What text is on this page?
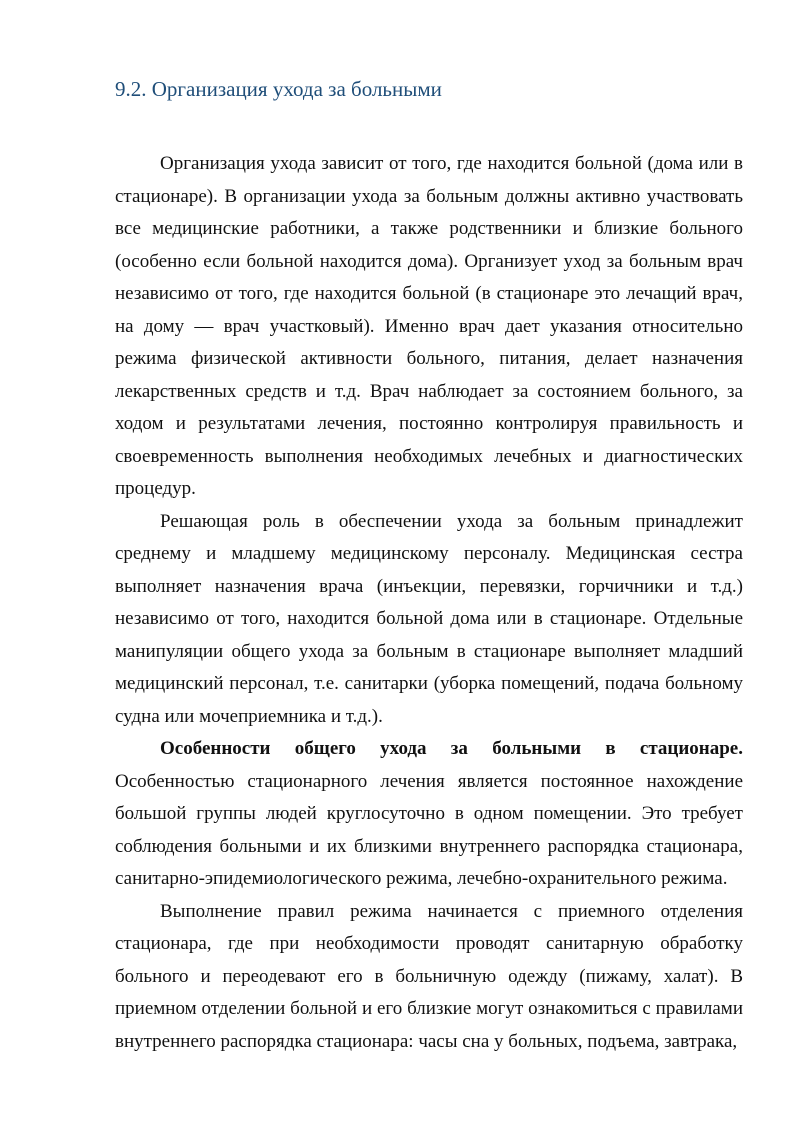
9.2. Организация ухода за больными

Организация ухода зависит от того, где находится больной (дома или в стационаре). В организации ухода за больным должны активно участвовать все медицинские работники, а также родственники и близкие больного (особенно если больной находится дома). Организует уход за больным врач независимо от того, где находится больной (в стационаре это лечащий врач, на дому — врач участковый). Именно врач дает указания относительно режима физической активности больного, питания, делает назначения лекарственных средств и т.д. Врач наблюдает за состоянием больного, за ходом и результатами лечения, постоянно контролируя правильность и своевременность выполнения необходимых лечебных и диагностических процедур.

Решающая роль в обеспечении ухода за больным принадлежит среднему и младшему медицинскому персоналу. Медицинская сестра выполняет назначения врача (инъекции, перевязки, горчичники и т.д.) независимо от того, находится больной дома или в стационаре. Отдельные манипуляции общего ухода за больным в стационаре выполняет младший медицинский персонал, т.е. санитарки (уборка помещений, подача больному судна или мочеприемника и т.д.).

Особенности общего ухода за больными в стационаре. Особенностью стационарного лечения является постоянное нахождение большой группы людей круглосуточно в одном помещении. Это требует соблюдения больными и их близкими внутреннего распорядка стационара, санитарно-эпидемиологического режима, лечебно-охранительного режима.

Выполнение правил режима начинается с приемного отделения стационара, где при необходимости проводят санитарную обработку больного и переодевают его в больничную одежду (пижаму, халат). В приемном отделении больной и его близкие могут ознакомиться с правилами внутреннего распорядка стационара: часы сна у больных, подъема, завтрака,
